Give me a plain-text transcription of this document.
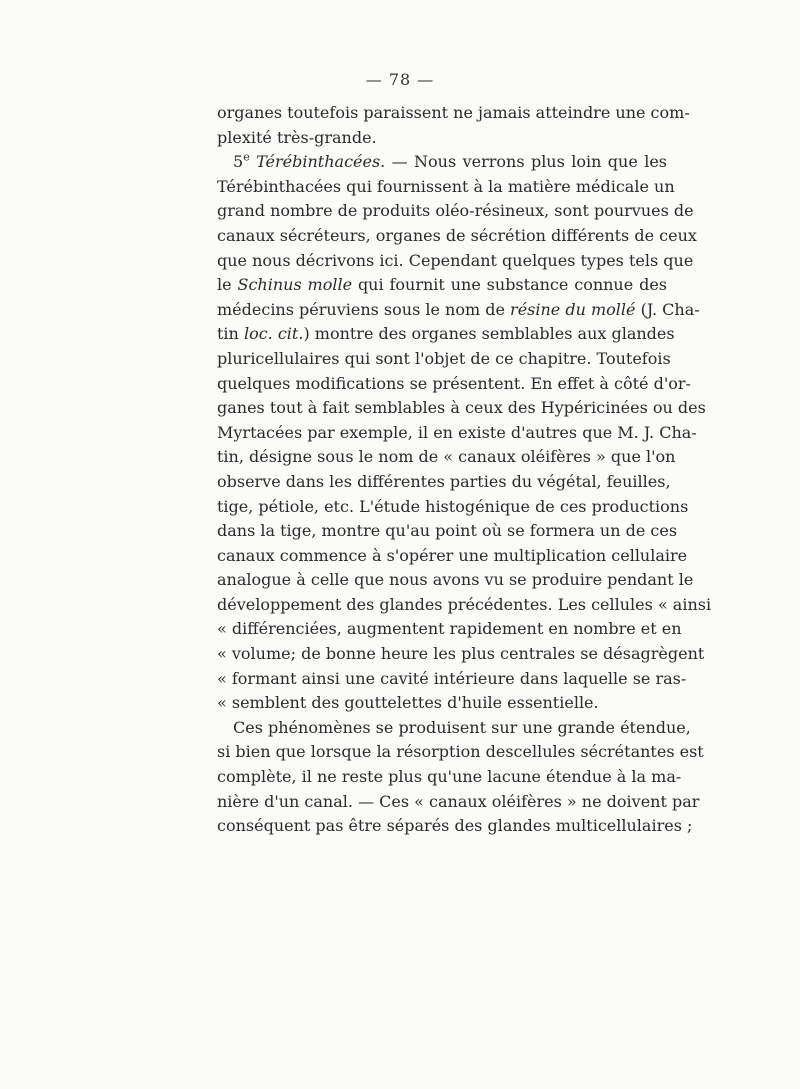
— 78 —
organes toutefois paraissent ne jamais atteindre une com-
plexité très-grande.
5e Térébinthacées. — Nous verrons plus loin que les
Térébinthacées qui fournissent à la matière médicale un
grand nombre de produits oléo-résineux, sont pourvues de
canaux sécréteurs, organes de sécrétion différents de ceux
que nous décrivons ici. Cependant quelques types tels que
le Schinus molle qui fournit une substance connue des
médecins péruviens sous le nom de résine du mollé (J. Cha-
tin loc. cit.) montre des organes semblables aux glandes
pluricellulaires qui sont l'objet de ce chapitre. Toutefois
quelques modifications se présentent. En effet à côté d'or-
ganes tout à fait semblables à ceux des Hypéricinées ou des
Myrtacées par exemple, il en existe d'autres que M. J. Cha-
tin, désigne sous le nom de « canaux oléifères » que l'on
observe dans les différentes parties du végétal, feuilles,
tige, pétiole, etc. L'étude histogénique de ces productions
dans la tige, montre qu'au point où se formera un de ces
canaux commence à s'opérer une multiplication cellulaire
analogue à celle que nous avons vu se produire pendant le
développement des glandes précédentes. Les cellules « ainsi
« différenciées, augmentent rapidement en nombre et en
« volume; de bonne heure les plus centrales se désagrègent
« formant ainsi une cavité intérieure dans laquelle se ras-
« semblent des gouttelettes d'huile essentielle.
Ces phénomènes se produisent sur une grande étendue,
si bien que lorsque la résorption descellules sécrétantes est
complète, il ne reste plus qu'une lacune étendue à la ma-
nière d'un canal. — Ces « canaux oléifères » ne doivent par
conséquent pas être séparés des glandes multicellulaires ;
